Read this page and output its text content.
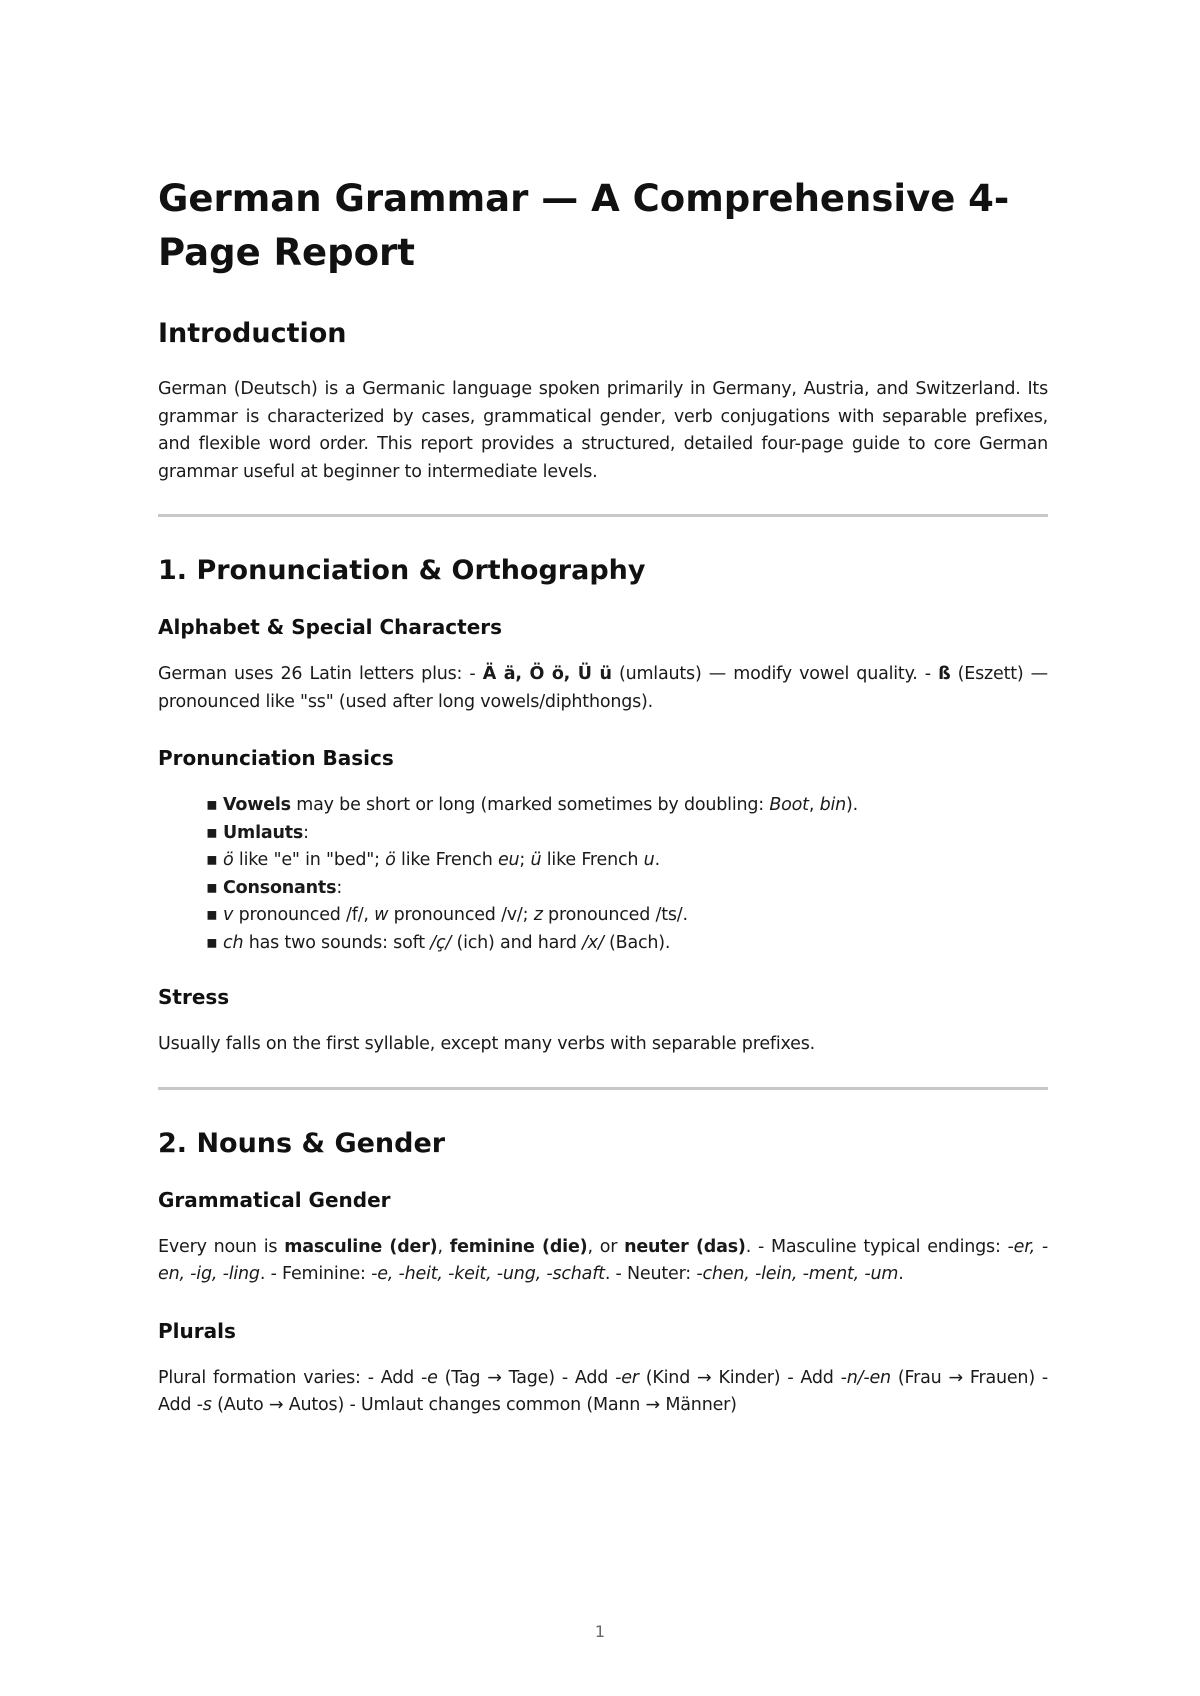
German Grammar — A Comprehensive 4-Page Report
Introduction

German (Deutsch) is a Germanic language spoken primarily in Germany, Austria, and Switzerland. Its grammar is characterized by cases, grammatical gender, verb conjugations with separable prefixes, and flexible word order. This report provides a structured, detailed four-page guide to core German grammar useful at beginner to intermediate levels.

1. Pronunciation & Orthography
Alphabet & Special Characters

German uses 26 Latin letters plus: - Ä ä, Ö ö, Ü ü (umlauts) — modify vowel quality. - ß (Eszett) — pronounced like "ss" (used after long vowels/diphthongs).

Pronunciation Basics
▪ Vowels may be short or long (marked sometimes by doubling: Boot, bin).
▪ Umlauts:
▪ ö like "e" in "bed"; ö like French eu; ü like French u.
▪ Consonants:
▪ v pronounced /f/, w pronounced /v/; z pronounced /ts/.
▪ ch has two sounds: soft /ç/ (ich) and hard /x/ (Bach).
Stress

Usually falls on the first syllable, except many verbs with separable prefixes.

2. Nouns & Gender
Grammatical Gender

Every noun is masculine (der), feminine (die), or neuter (das). - Masculine typical endings: -er, -en, -ig, -ling. - Feminine: -e, -heit, -keit, -ung, -schaft. - Neuter: -chen, -lein, -ment, -um.

Plurals

Plural formation varies: - Add -e (Tag → Tage) - Add -er (Kind → Kinder) - Add -n/-en (Frau → Frauen) - Add -s (Auto → Autos) - Umlaut changes common (Mann → Männer)

1
